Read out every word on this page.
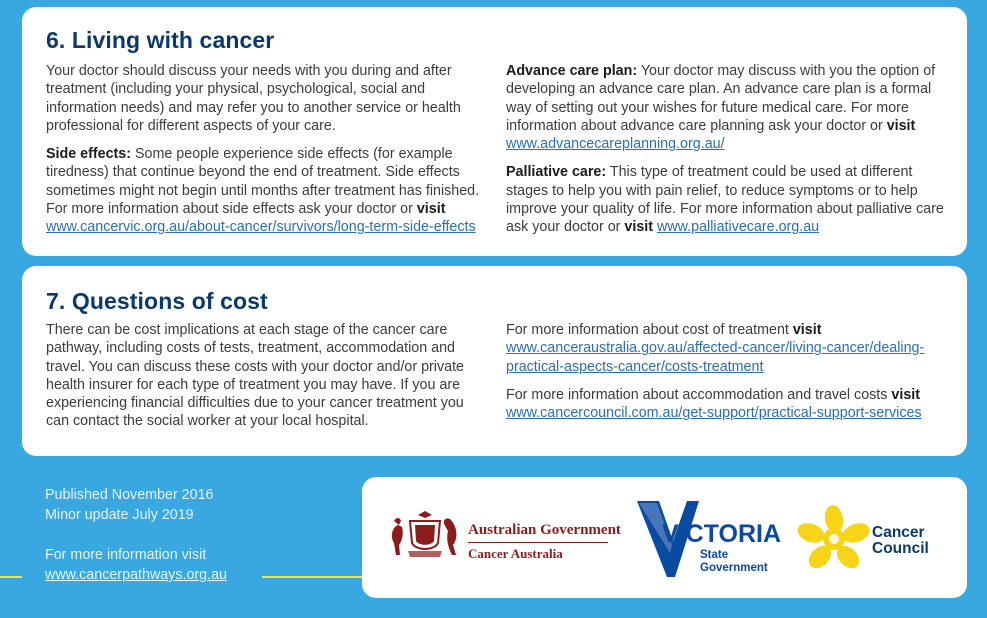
6. Living with cancer

Your doctor should discuss your needs with you during and after treatment (including your physical, psychological, social and information needs) and may refer you to another service or health professional for different aspects of your care.

Side effects: Some people experience side effects (for example tiredness) that continue beyond the end of treatment. Side effects sometimes might not begin until months after treatment has finished. For more information about side effects ask your doctor or visit www.cancervic.org.au/about-cancer/survivors/long-term-side-effects

Advance care plan: Your doctor may discuss with you the option of developing an advance care plan. An advance care plan is a formal way of setting out your wishes for future medical care. For more information about advance care planning ask your doctor or visit www.advancecareplanning.org.au/

Palliative care: This type of treatment could be used at different stages to help you with pain relief, to reduce symptoms or to help improve your quality of life. For more information about palliative care ask your doctor or visit www.palliativecare.org.au

7. Questions of cost

There can be cost implications at each stage of the cancer care pathway, including costs of tests, treatment, accommodation and travel. You can discuss these costs with your doctor and/or private health insurer for each type of treatment you may have. If you are experiencing financial difficulties due to your cancer treatment you can contact the social worker at your local hospital.

For more information about cost of treatment visit www.canceraustralia.gov.au/affected-cancer/living-cancer/dealing-practical-aspects-cancer/costs-treatment

For more information about accommodation and travel costs visit www.cancercouncil.com.au/get-support/practical-support-services

Published November 2016
Minor update July 2019
For more information visit
www.cancerpathways.org.au
Australian Government
Cancer Australia
VICTORIA
State
Government
Cancer
Council
